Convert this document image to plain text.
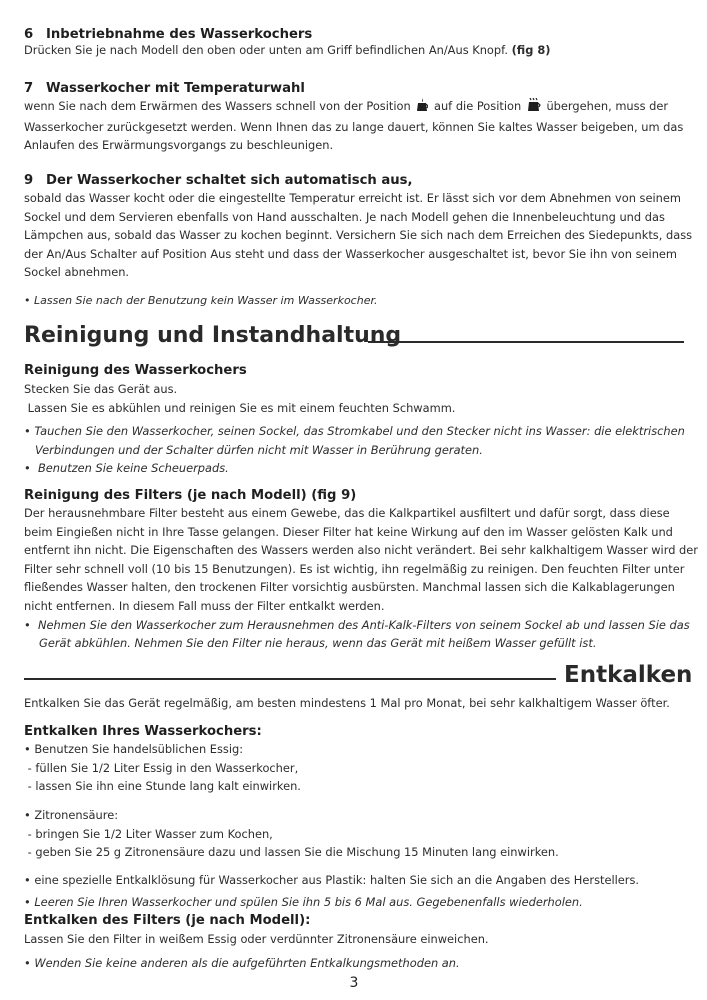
6 Inbetriebnahme des Wasserkochers

Drücken Sie je nach Modell den oben oder unten am Griff befindlichen An/Aus Knopf. (fig 8)

7 Wasserkocher mit Temperaturwahl

wenn Sie nach dem Erwärmen des Wassers schnell von der Position auf die Position übergehen, muss der

Wasserkocher zurückgesetzt werden. Wenn Ihnen das zu lange dauert, können Sie kaltes Wasser beigeben, um das

Anlaufen des Erwärmungsvorgangs zu beschleunigen.

9 Der Wasserkocher schaltet sich automatisch aus,

sobald das Wasser kocht oder die eingestellte Temperatur erreicht ist. Er lässt sich vor dem Abnehmen von seinem

Sockel und dem Servieren ebenfalls von Hand ausschalten. Je nach Modell gehen die Innenbeleuchtung und das

Lämpchen aus, sobald das Wasser zu kochen beginnt. Versichern Sie sich nach dem Erreichen des Siedepunkts, dass

der An/Aus Schalter auf Position Aus steht und dass der Wasserkocher ausgeschaltet ist, bevor Sie ihn von seinem

Sockel abnehmen.

• Lassen Sie nach der Benutzung kein Wasser im Wasserkocher.

Reinigung und Instandhaltung
Reinigung des Wasserkochers

Stecken Sie das Gerät aus.

Lassen Sie es abkühlen und reinigen Sie es mit einem feuchten Schwamm.

• Tauchen Sie den Wasserkocher, seinen Sockel, das Stromkabel und den Stecker nicht ins Wasser: die elektrischen

Verbindungen und der Schalter dürfen nicht mit Wasser in Berührung geraten.

•  Benutzen Sie keine Scheuerpads.

Reinigung des Filters (je nach Modell) (fig 9)

Der herausnehmbare Filter besteht aus einem Gewebe, das die Kalkpartikel ausfiltert und dafür sorgt, dass diese

beim Eingießen nicht in Ihre Tasse gelangen. Dieser Filter hat keine Wirkung auf den im Wasser gelösten Kalk und

entfernt ihn nicht. Die Eigenschaften des Wassers werden also nicht verändert. Bei sehr kalkhaltigem Wasser wird der

Filter sehr schnell voll (10 bis 15 Benutzungen). Es ist wichtig, ihn regelmäßig zu reinigen. Den feuchten Filter unter

fließendes Wasser halten, den trockenen Filter vorsichtig ausbürsten. Manchmal lassen sich die Kalkablagerungen

nicht entfernen. In diesem Fall muss der Filter entkalkt werden.

•  Nehmen Sie den Wasserkocher zum Herausnehmen des Anti-Kalk-Filters von seinem Sockel ab und lassen Sie das

Gerät abkühlen. Nehmen Sie den Filter nie heraus, wenn das Gerät mit heißem Wasser gefüllt ist.

Entkalken

Entkalken Sie das Gerät regelmäßig, am besten mindestens 1 Mal pro Monat, bei sehr kalkhaltigem Wasser öfter.

Entkalken Ihres Wasserkochers:

• Benutzen Sie handelsüblichen Essig:

- füllen Sie 1/2 Liter Essig in den Wasserkocher,

- lassen Sie ihn eine Stunde lang kalt einwirken.

• Zitronensäure:

- bringen Sie 1/2 Liter Wasser zum Kochen,

- geben Sie 25 g Zitronensäure dazu und lassen Sie die Mischung 15 Minuten lang einwirken.

• eine spezielle Entkalklösung für Wasserkocher aus Plastik: halten Sie sich an die Angaben des Herstellers.

• Leeren Sie Ihren Wasserkocher und spülen Sie ihn 5 bis 6 Mal aus. Gegebenenfalls wiederholen.

Entkalken des Filters (je nach Modell):

Lassen Sie den Filter in weißem Essig oder verdünnter Zitronensäure einweichen.

• Wenden Sie keine anderen als die aufgeführten Entkalkungsmethoden an.

3
